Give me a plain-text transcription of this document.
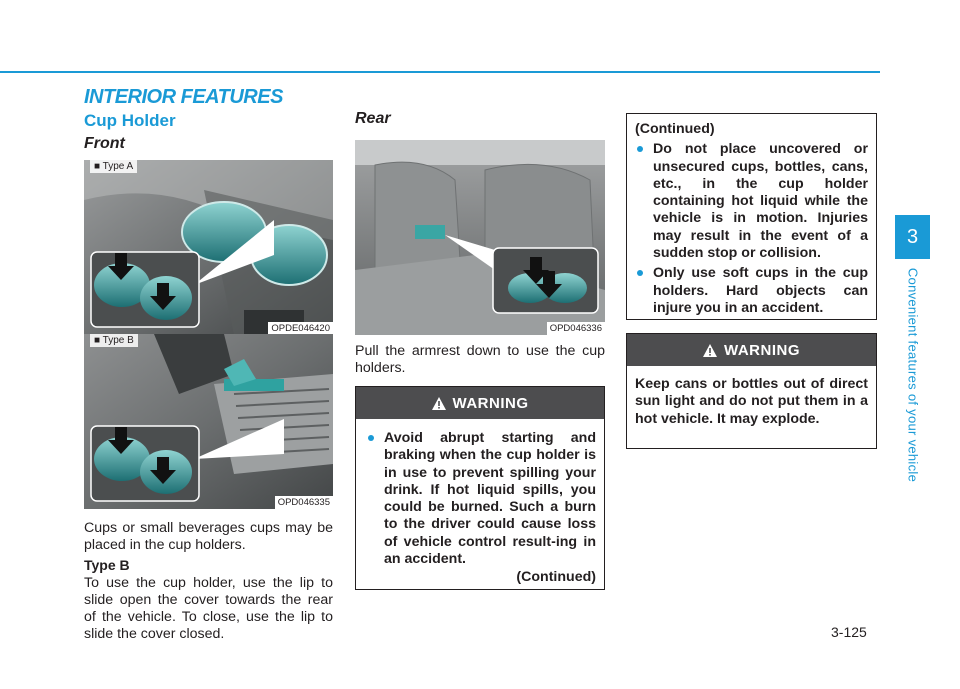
INTERIOR FEATURES
Cup Holder
Front
Rear
■ Type A
OPDE046420
■ Type B
OPD046335
OPD046336

Cups or small beverages cups may be placed in the cup holders.

Type B

To use the cup holder, use the lip to slide open the cover towards the rear of the vehicle. To close, use the lip to slide the cover closed.

Pull the armrest down to use the cup holders.

WARNING
Avoid abrupt starting and braking when the cup holder is in use to prevent spilling your drink. If hot liquid spills, you could be burned. Such a burn to the driver could cause loss of vehicle control result-ing in an accident.
(Continued)
(Continued)
Do not place uncovered or unsecured cups, bottles, cans, etc., in the cup holder containing hot liquid while the vehicle is in motion. Injuries may result in the event of a sudden stop or collision.
Only use soft cups in the cup holders. Hard objects can injure you in an accident.
WARNING

Keep cans or bottles out of direct sun light and do not put them in a hot vehicle. It may explode.

3
Convenient features of your vehicle
3-125
